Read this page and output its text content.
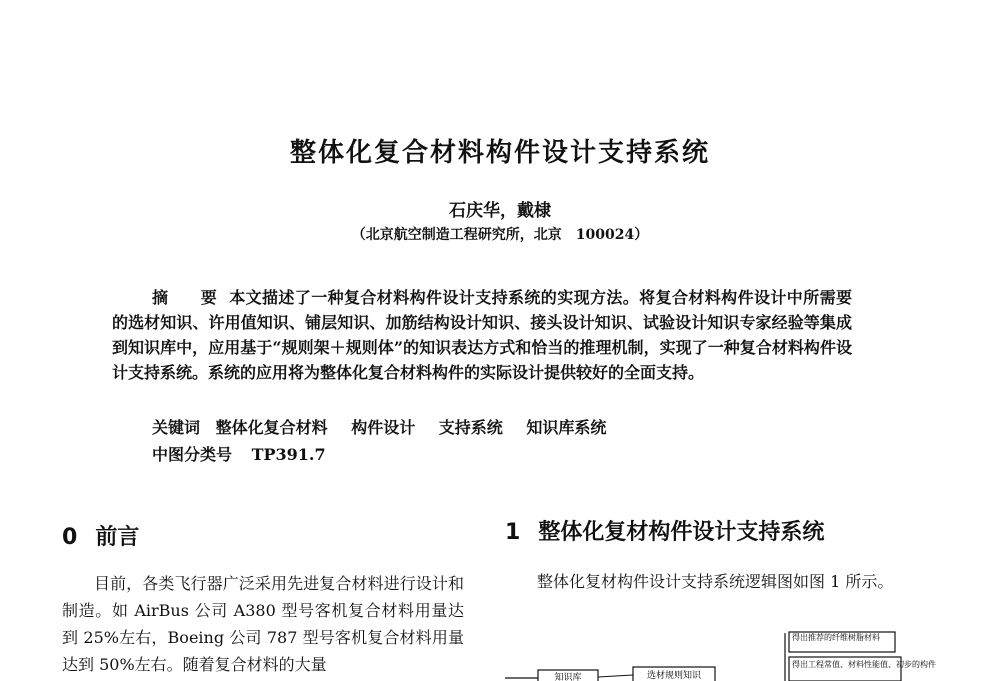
整体化复合材料构件设计支持系统
石庆华，戴棣
（北京航空制造工程研究所，北京　100024）
摘　要 本文描述了一种复合材料构件设计支持系统的实现方法。将复合材料构件设计中所需要的选材知识、许用值知识、铺层知识、加筋结构设计知识、接头设计知识、试验设计知识专家经验等集成到知识库中，应用基于“规则架＋规则体”的知识表达方式和恰当的推理机制，实现了一种复合材料构件设计支持系统。系统的应用将为整体化复合材料构件的实际设计提供较好的全面支持。
关键词 整体化复合材料 构件设计 支持系统 知识库系统
中图分类号 TP391.7
0 前言
目前，各类飞行器广泛采用先进复合材料进行设计和制造。如 AirBus 公司 A380 型号客机复合材料用量达到 25%左右，Boeing 公司 787 型号客机复合材料用量达到 50%左右。随着复合材料的大量
1 整体化复材构件设计支持系统
整体化复材构件设计支持系统逻辑图如图 1 所示。
知识库	选材规则知识
得出推荐的纤维树脂材料
得出工程常值、材料性能值、初步的构件
